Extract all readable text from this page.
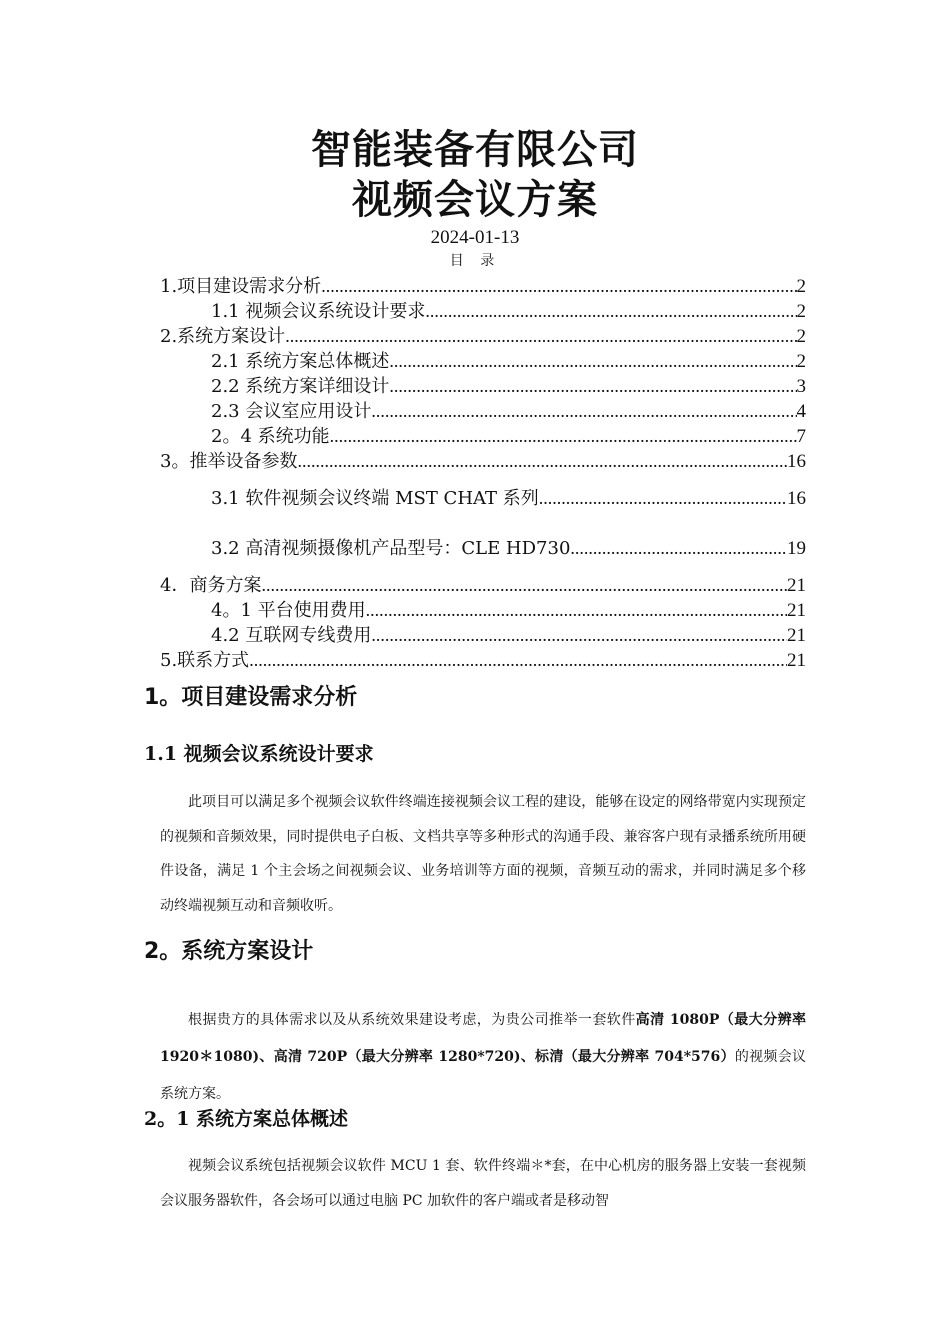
智能装备有限公司
视频会议方案
2024-01-13
目 录
1.项目建设需求分析 .....	2
1.1 视频会议系统设计要求 .....	2
2.系统方案设计 .....	2
2.1 系统方案总体概述 .....	2
2.2 系统方案详细设计 .....	3
2.3 会议室应用设计 .....	4
2。4 系统功能 .....	7
3。推举设备参数 .....	16
3.1 软件视频会议终端 MST CHAT 系列 .....	16
3.2 高清视频摄像机产品型号：CLE HD730 .....	19
4．商务方案 .....	21
4。1 平台使用费用 .....	21
4.2 互联网专线费用 .....	21
5.联系方式 .....	21
1。项目建设需求分析
1.1 视频会议系统设计要求

此项目可以满足多个视频会议软件终端连接视频会议工程的建设，能够在设定的网络带宽内实现预定的视频和音频效果，同时提供电子白板、文档共享等多种形式的沟通手段、兼容客户现有录播系统所用硬件设备，满足 1 个主会场之间视频会议、业务培训等方面的视频，音频互动的需求，并同时满足多个移动终端视频互动和音频收听。

2。系统方案设计

根据贵方的具体需求以及从系统效果建设考虑，为贵公司推举一套软件高清 1080P（最大分辨率 1920＊1080)、高清 720P（最大分辨率 1280*720)、标清（最大分辨率 704*576）的视频会议系统方案。

2。1 系统方案总体概述

视频会议系统包括视频会议软件 MCU 1 套、软件终端＊*套，在中心机房的服务器上安装一套视频会议服务器软件，各会场可以通过电脑 PC 加软件的客户端或者是移动智
